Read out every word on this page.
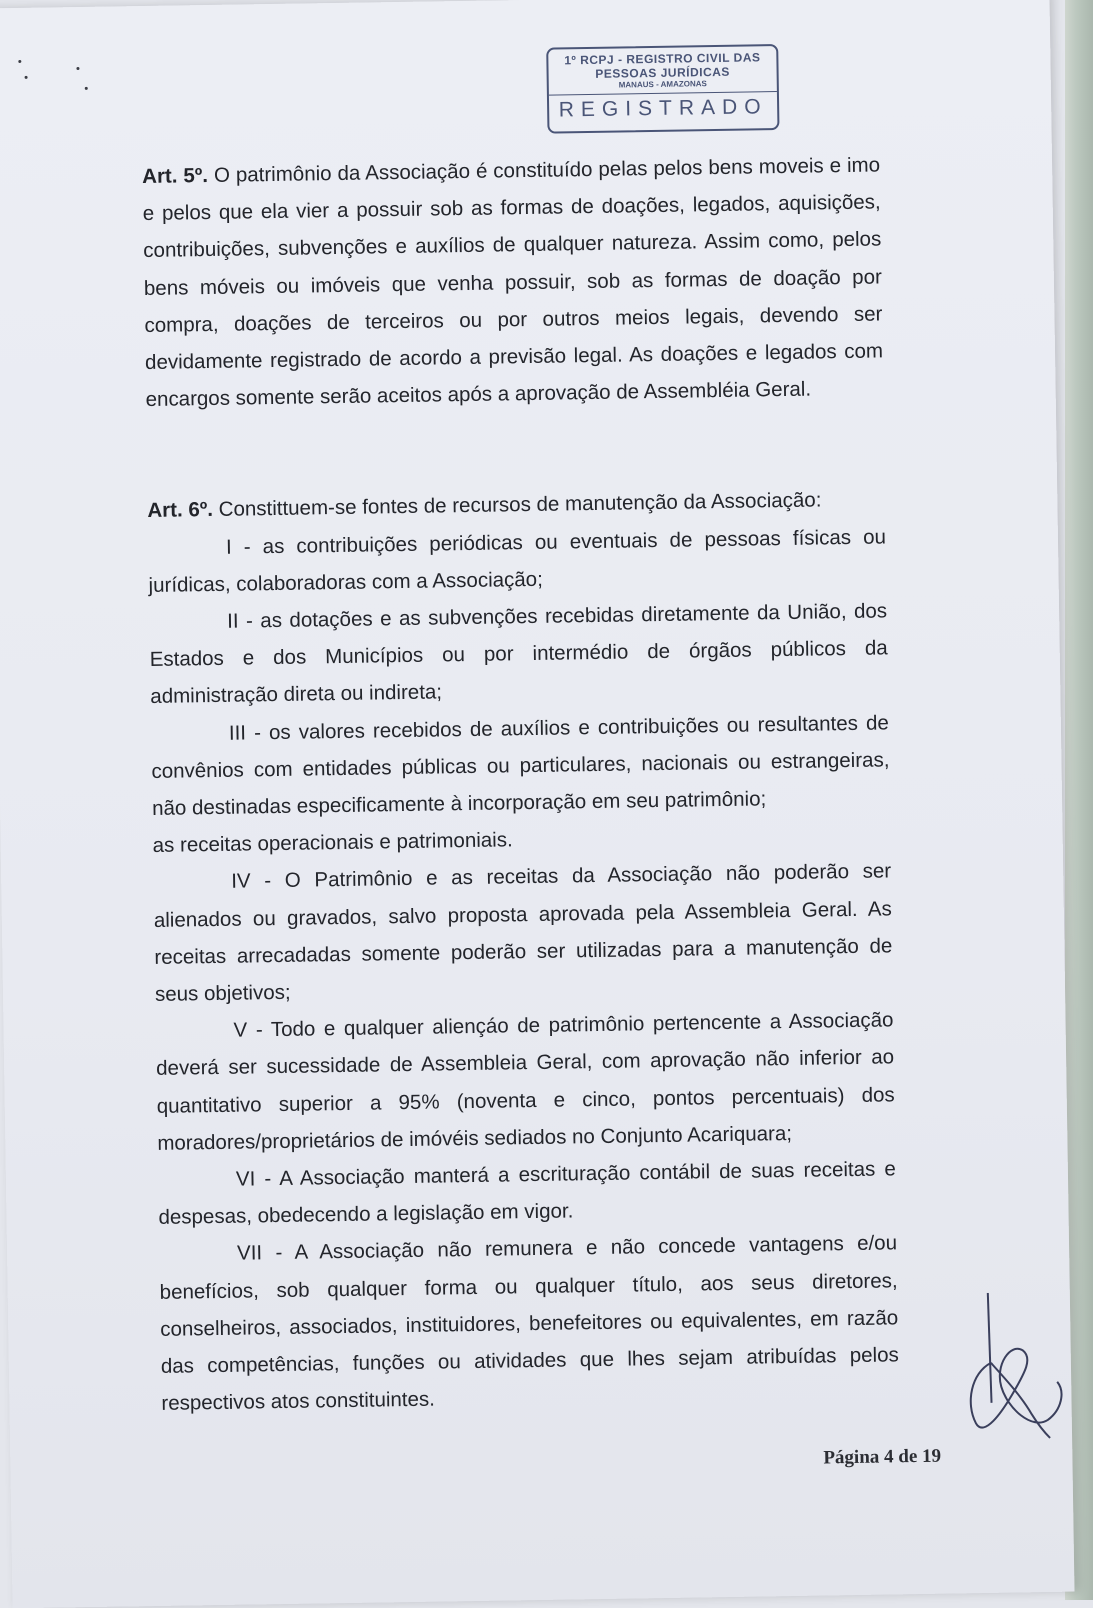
1º RCPJ - REGISTRO CIVIL DAS
PESSOAS JURÍDICAS
MANAUS - AMAZONAS
REGISTRADO

Art. 5º. O patrimônio da Associação é constituído pelas pelos bens moveis e imo e pelos que ela vier a possuir sob as formas de doações, legados, aquisições, contribuições, subvenções e auxílios de qualquer natureza. Assim como, pelos bens móveis ou imóveis que venha possuir, sob as formas de doação por compra, doações de terceiros ou por outros meios legais, devendo ser devidamente registrado de acordo a previsão legal. As doações e legados com encargos somente serão aceitos após a aprovação de Assembléia Geral.

Art. 6º. Constittuem-se fontes de recursos de manutenção da Associação:

I - as contribuições periódicas ou eventuais de pessoas físicas ou jurídicas, colaboradoras com a Associação;

II - as dotações e as subvenções recebidas diretamente da União, dos Estados e dos Municípios ou por intermédio de órgãos públicos da administração direta ou indireta;

III - os valores recebidos de auxílios e contribuições ou resultantes de convênios com entidades públicas ou particulares, nacionais ou estrangeiras, não destinadas especificamente à incorporação em seu patrimônio;

as receitas operacionais e patrimoniais.

IV - O Patrimônio e as receitas da Associação não poderão ser alienados ou gravados, salvo proposta aprovada pela Assembleia Geral. As receitas arrecadadas somente poderão ser utilizadas para a manutenção de seus objetivos;

V - Todo e qualquer aliençáo de patrimônio pertencente a Associação deverá ser sucessidade de Assembleia Geral, com aprovação não inferior ao quantitativo superior a 95% (noventa e cinco, pontos percentuais) dos moradores/proprietários de imóvéis sediados no Conjunto Acariquara;

VI - A Associação manterá a escrituração contábil de suas receitas e despesas, obedecendo a legislação em vigor.

VII - A Associação não remunera e não concede vantagens e/ou benefícios, sob qualquer forma ou qualquer título, aos seus diretores, conselheiros, associados, instituidores, benefeitores ou equivalentes, em razão das competências, funções ou atividades que lhes sejam atribuídas pelos respectivos atos constituintes.

Página 4 de 19
